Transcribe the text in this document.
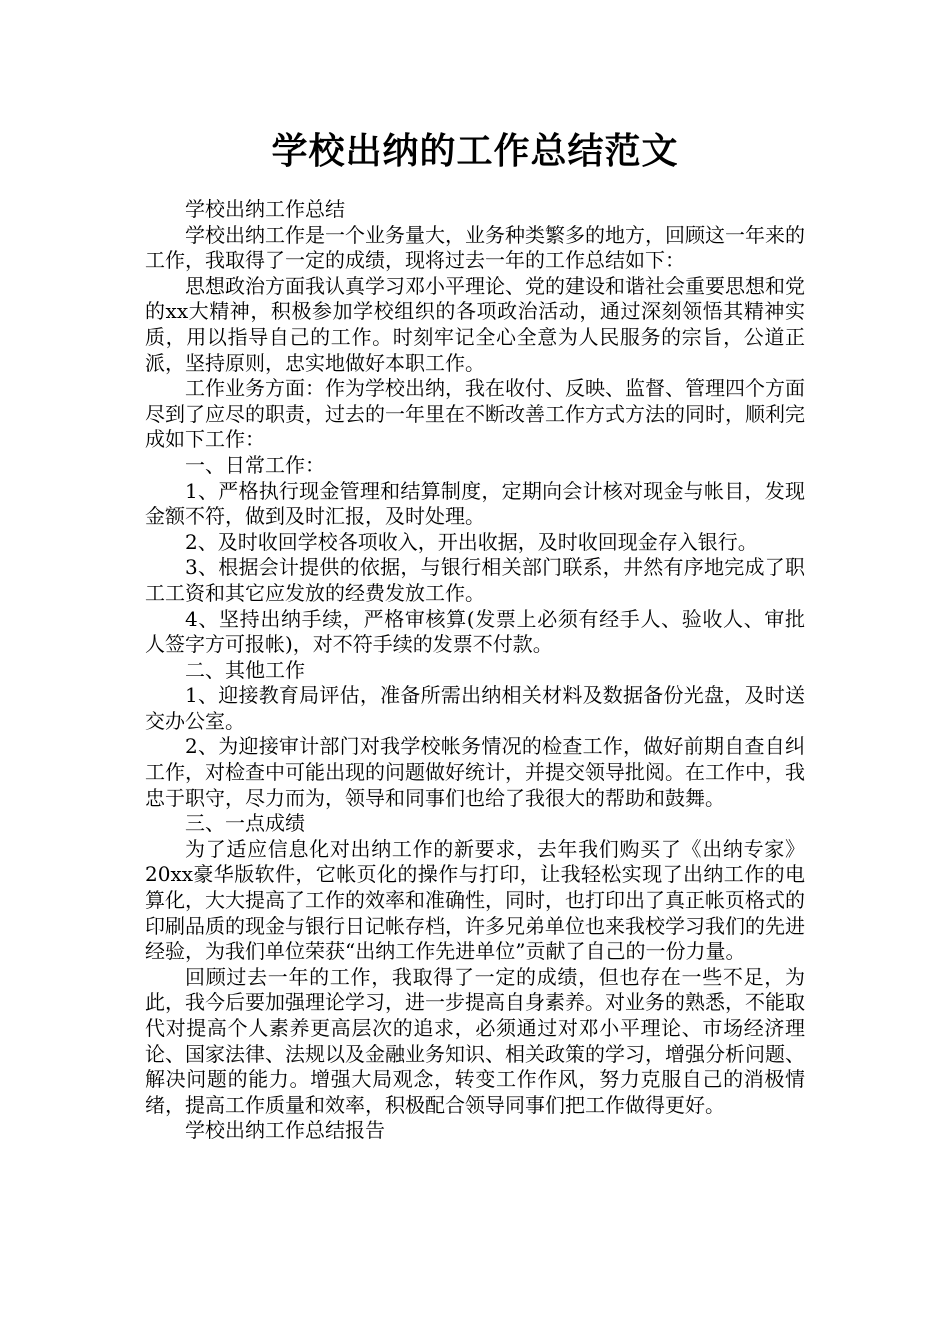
学校出纳的工作总结范文

学校出纳工作总结

学校出纳工作是一个业务量大，业务种类繁多的地方，回顾这一年来的工作，我取得了一定的成绩，现将过去一年的工作总结如下：

思想政治方面我认真学习邓小平理论、党的建设和谐社会重要思想和党的xx大精神，积极参加学校组织的各项政治活动，通过深刻领悟其精神实质，用以指导自己的工作。时刻牢记全心全意为人民服务的宗旨，公道正派，坚持原则，忠实地做好本职工作。

工作业务方面：作为学校出纳，我在收付、反映、监督、管理四个方面尽到了应尽的职责，过去的一年里在不断改善工作方式方法的同时，顺利完成如下工作：

一、日常工作：

1、严格执行现金管理和结算制度，定期向会计核对现金与帐目，发现金额不符，做到及时汇报，及时处理。

2、及时收回学校各项收入，开出收据，及时收回现金存入银行。

3、根据会计提供的依据，与银行相关部门联系，井然有序地完成了职工工资和其它应发放的经费发放工作。

4、坚持出纳手续，严格审核算(发票上必须有经手人、验收人、审批人签字方可报帐)，对不符手续的发票不付款。

二、其他工作

1、迎接教育局评估，准备所需出纳相关材料及数据备份光盘，及时送交办公室。

2、为迎接审计部门对我学校帐务情况的检查工作，做好前期自查自纠工作，对检查中可能出现的问题做好统计，并提交领导批阅。在工作中，我忠于职守，尽力而为，领导和同事们也给了我很大的帮助和鼓舞。

三、一点成绩

为了适应信息化对出纳工作的新要求，去年我们购买了《出纳专家》20xx豪华版软件，它帐页化的操作与打印，让我轻松实现了出纳工作的电算化，大大提高了工作的效率和准确性，同时，也打印出了真正帐页格式的印刷品质的现金与银行日记帐存档，许多兄弟单位也来我校学习我们的先进经验，为我们单位荣获“出纳工作先进单位”贡献了自己的一份力量。

回顾过去一年的工作，我取得了一定的成绩，但也存在一些不足，为此，我今后要加强理论学习，进一步提高自身素养。对业务的熟悉，不能取代对提高个人素养更高层次的追求，必须通过对邓小平理论、市场经济理论、国家法律、法规以及金融业务知识、相关政策的学习，增强分析问题、解决问题的能力。增强大局观念，转变工作作风，努力克服自己的消极情绪，提高工作质量和效率，积极配合领导同事们把工作做得更好。

学校出纳工作总结报告
